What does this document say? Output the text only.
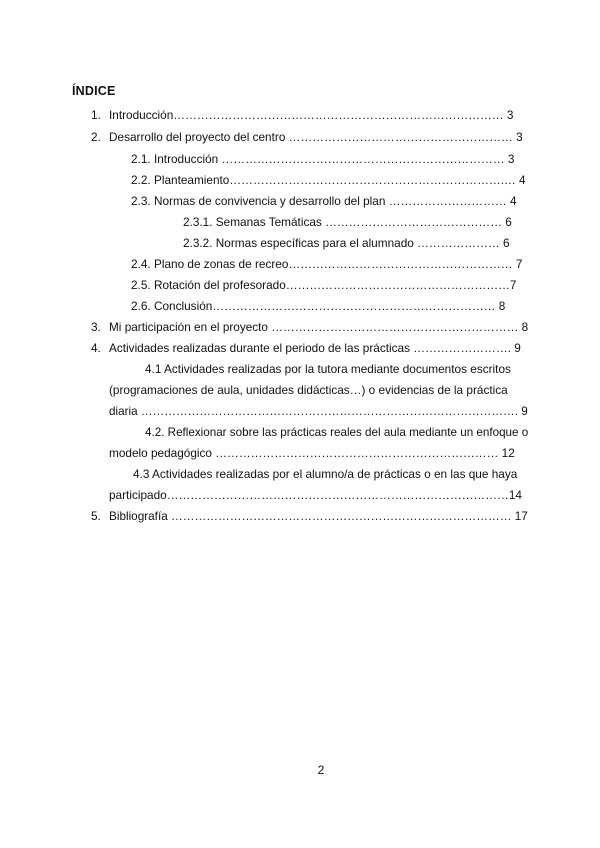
ÍNDICE
1. Introducción………………………………………………………………………… 3
2. Desarrollo del proyecto del centro ………………………………………………… 3
2.1. Introducción ……………………………………………………………… 3
2.2. Planteamiento…………………………………………………………….… 4
2.3. Normas de convivencia y desarrollo del plan ………………………… 4
2.3.1. Semanas Temáticas ……………………………………… 6
2.3.2. Normas específicas para el alumnado ………………… 6
2.4. Plano de zonas de recreo………………………………………………… 7
2.5. Rotación del profesorado…………………………………………………7
2.6. Conclusión……………………………………………………………… 8
3. Mi participación en el proyecto ……………………………………………………… 8
4. Actividades realizadas durante el periodo de las prácticas ……………………. 9
4.1 Actividades realizadas por la tutora mediante documentos escritos
(programaciones de aula, unidades didácticas…) o evidencias de la práctica
diaria ……………………………………………………………………………………. 9
4.2. Reflexionar sobre las prácticas reales del aula mediante un enfoque o
modelo pedagógico ……………………………………………………………… 12
4.3 Actividades realizadas por el alumno/a de prácticas o en las que haya
participado……………………………………………………………………………14
5. Bibliografía …………………………………………………………………………… 17
2
